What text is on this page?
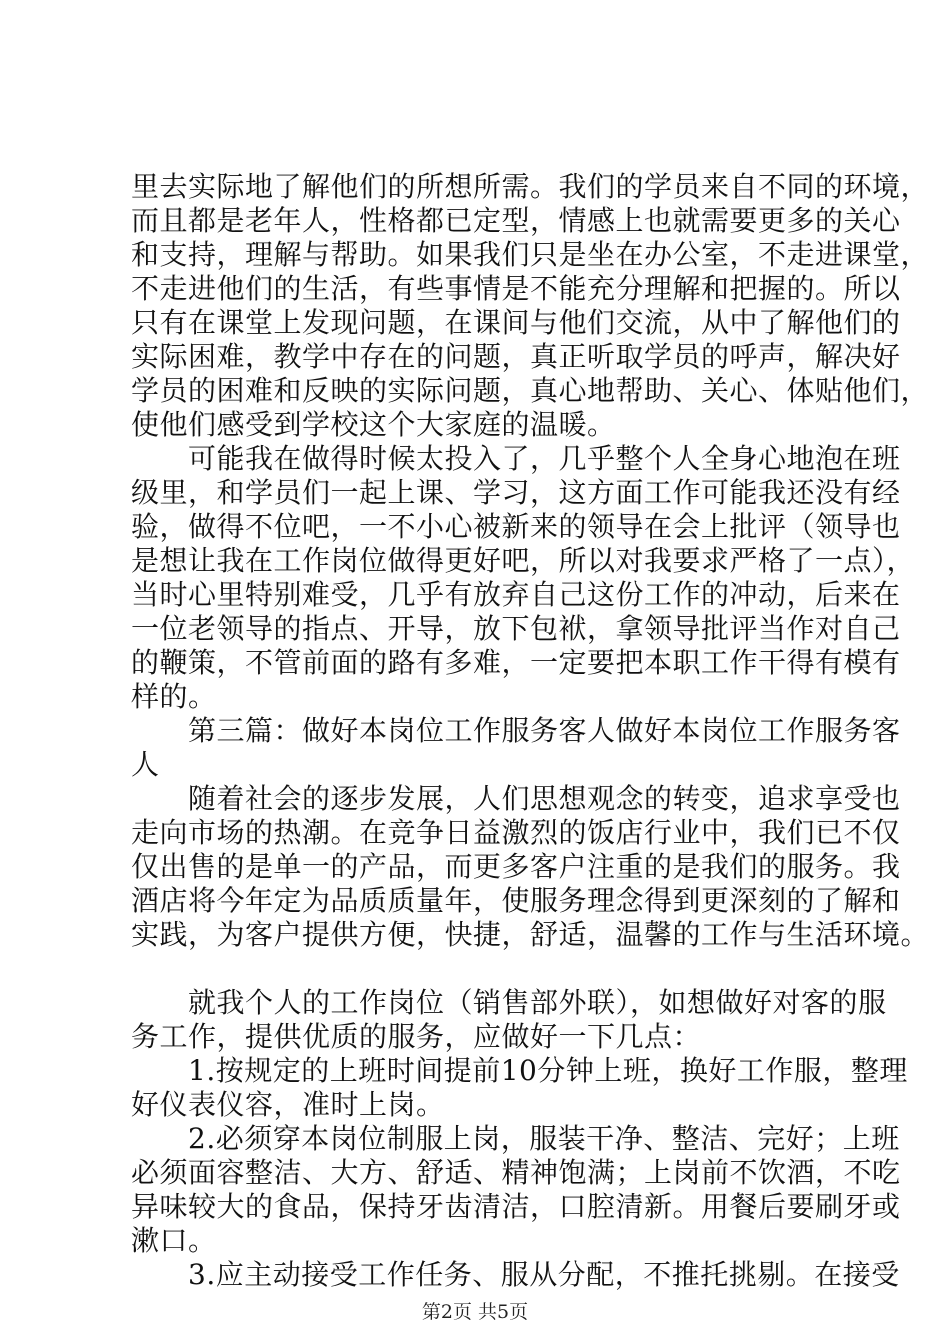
里去实际地了解他们的所想所需。我们的学员来自不同的环境，
而且都是老年人，性格都已定型，情感上也就需要更多的关心
和支持，理解与帮助。如果我们只是坐在办公室，不走进课堂，
不走进他们的生活，有些事情是不能充分理解和把握的。所以
只有在课堂上发现问题，在课间与他们交流，从中了解他们的
实际困难，教学中存在的问题，真正听取学员的呼声，解决好
学员的困难和反映的实际问题，真心地帮助、关心、体贴他们，
使他们感受到学校这个大家庭的温暖。
　　可能我在做得时候太投入了，几乎整个人全身心地泡在班
级里，和学员们一起上课、学习，这方面工作可能我还没有经
验，做得不位吧，一不小心被新来的领导在会上批评（领导也
是想让我在工作岗位做得更好吧，所以对我要求严格了一点），
当时心里特别难受，几乎有放弃自己这份工作的冲动，后来在
一位老领导的指点、开导，放下包袱，拿领导批评当作对自己
的鞭策，不管前面的路有多难，一定要把本职工作干得有模有
样的。
　　第三篇：做好本岗位工作服务客人做好本岗位工作服务客
人
　　随着社会的逐步发展，人们思想观念的转变，追求享受也
走向市场的热潮。在竞争日益激烈的饭店行业中，我们已不仅
仅出售的是单一的产品，而更多客户注重的是我们的服务。我
酒店将今年定为品质质量年，使服务理念得到更深刻的了解和
实践，为客户提供方便，快捷，舒适，温馨的工作与生活环境。
　　就我个人的工作岗位（销售部外联），如想做好对客的服
务工作，提供优质的服务，应做好一下几点：
　　1.按规定的上班时间提前10分钟上班，换好工作服，整理
好仪表仪容，准时上岗。
　　2.必须穿本岗位制服上岗，服装干净、整洁、完好；上班
必须面容整洁、大方、舒适、精神饱满；上岗前不饮酒，不吃
异味较大的食品，保持牙齿清洁，口腔清新。用餐后要刷牙或
漱口。
　　3.应主动接受工作任务、服从分配，不推托挑剔。在接受
第2页 共5页
